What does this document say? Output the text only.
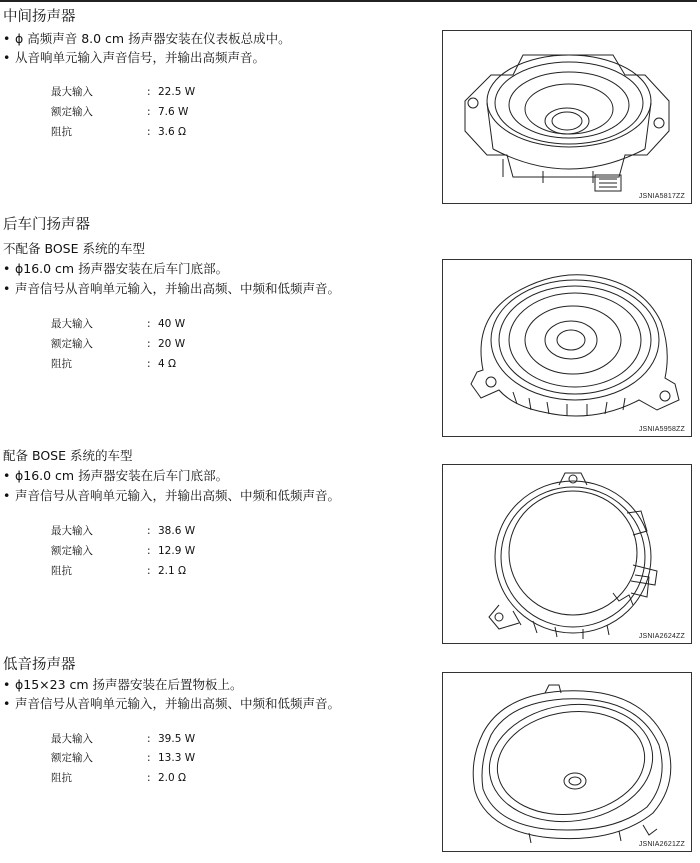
中间扬声器
• ϕ 高频声音 8.0 cm 扬声器安装在仪表板总成中。
• 从音响单元输入声音信号，并输出高频声音。
最大输入	: 22.5 W
额定输入	: 7.6 W
阻抗	: 3.6 Ω
JSNIA5817ZZ
后车门扬声器
不配备 BOSE 系统的车型
• ϕ16.0 cm 扬声器安装在后车门底部。
• 声音信号从音响单元输入，并输出高频、中频和低频声音。
最大输入	: 40 W
额定输入	: 20 W
阻抗	: 4 Ω
JSNIA5958ZZ
配备 BOSE 系统的车型
• ϕ16.0 cm 扬声器安装在后车门底部。
• 声音信号从音响单元输入，并输出高频、中频和低频声音。
最大输入	: 38.6 W
额定输入	: 12.9 W
阻抗	: 2.1 Ω
JSNIA2624ZZ
低音扬声器
• ϕ15×23 cm 扬声器安装在后置物板上。
• 声音信号从音响单元输入，并输出高频、中频和低频声音。
最大输入	: 39.5 W
额定输入	: 13.3 W
阻抗	: 2.0 Ω
JSNIA2621ZZ
